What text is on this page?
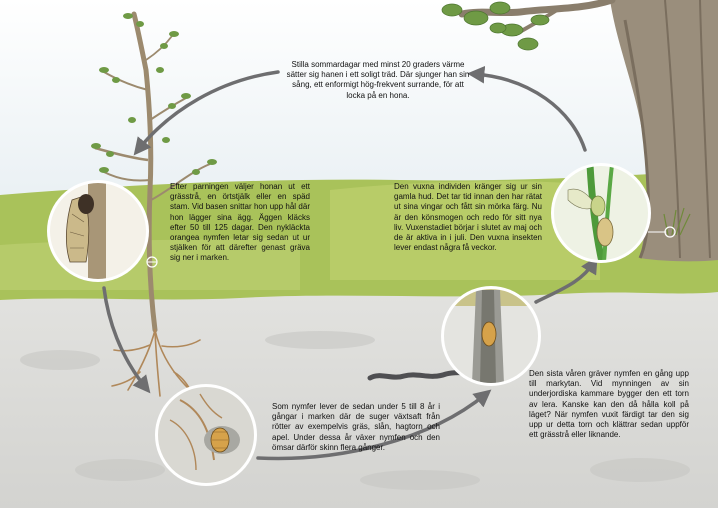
Stilla sommardagar med minst 20 graders värme sätter sig hanen i ett soligt träd. Där sjunger han sin sång, ett enformigt hög-frekvent surrande, för att locka på en hona.

Efter parningen väljer honan ut ett grässtrå, en örtstjälk eller en späd stam. Vid basen snittar hon upp hål där hon lägger sina ägg. Äggen kläcks efter 50 till 125 dagar. Den nykläckta orangea nymfen letar sig sedan ut ur stjälken för att därefter genast gräva sig ner i marken.

Som nymfer lever de sedan under 5 till 8 år i gångar i marken där de suger växtsaft från rötter av exempelvis gräs, slån, hagtorn och apel. Under dessa år växer nymfen och den ömsar därför skinn flera gånger.

Den sista våren gräver nymfen en gång upp till markytan. Vid mynningen av sin underjordiska kammare bygger den ett torn av lera. Kanske kan den då hålla koll på läget? När nymfen vuxit färdigt tar den sig upp ur detta torn och klättrar sedan uppför ett grässtrå eller liknande.

Den vuxna individen kränger sig ur sin gamla hud. Det tar tid innan den har rätat ut sina vingar och fått sin mörka färg. Nu är den könsmogen och redo för sitt nya liv. Vuxenstadiet börjar i slutet av maj och de är aktiva in i juli. Den vuxna insekten lever endast några få veckor.
